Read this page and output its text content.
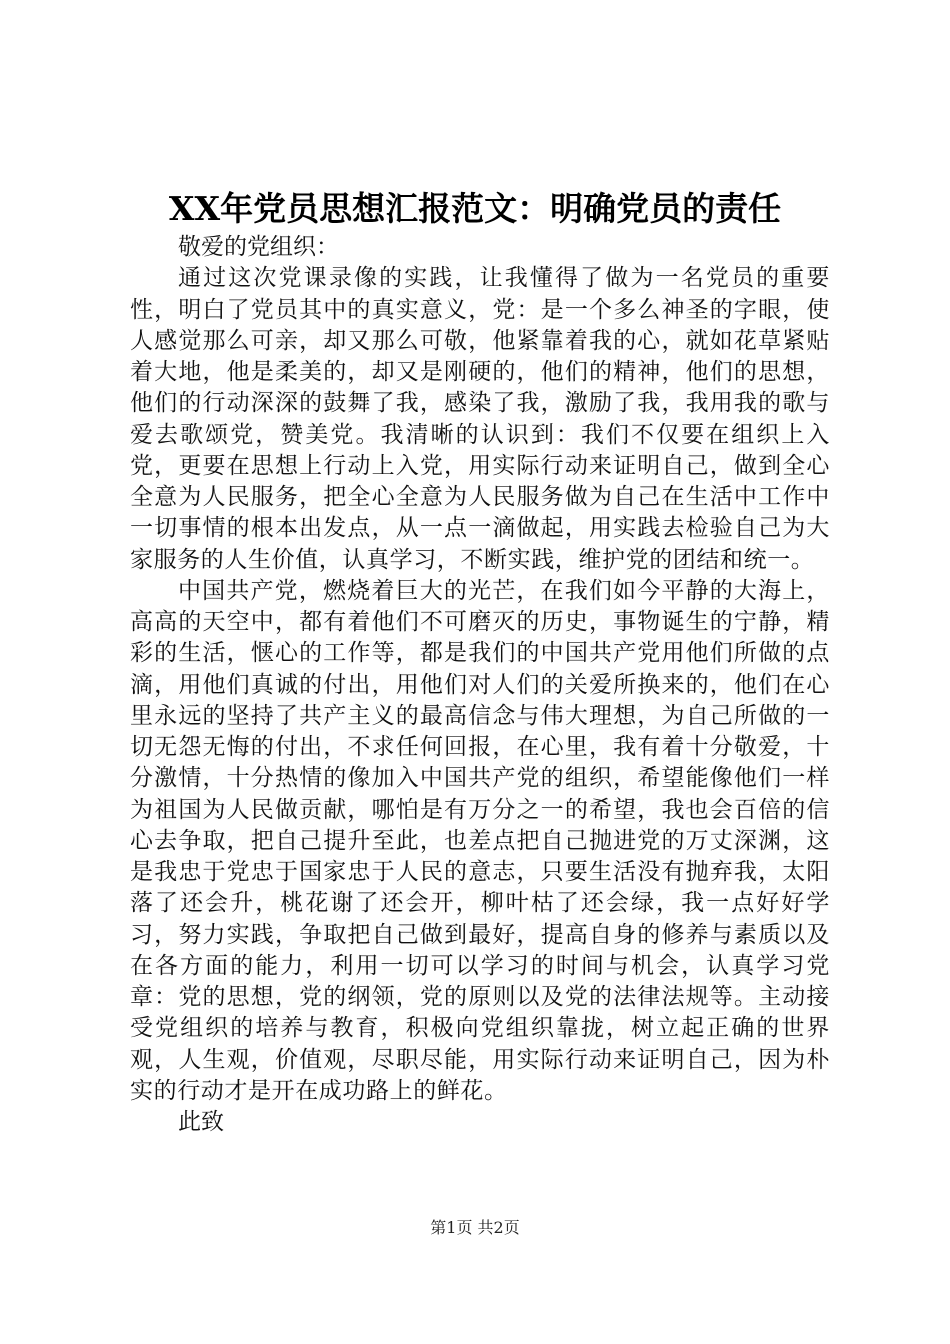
XX年党员思想汇报范文：明确党员的责任

敬爱的党组织：

通过这次党课录像的实践，让我懂得了做为一名党员的重要性，明白了党员其中的真实意义，党：是一个多么神圣的字眼，使人感觉那么可亲，却又那么可敬，他紧靠着我的心，就如花草紧贴着大地，他是柔美的，却又是刚硬的，他们的精神，他们的思想，他们的行动深深的鼓舞了我，感染了我，激励了我，我用我的歌与爱去歌颂党，赞美党。我清晰的认识到：我们不仅要在组织上入党，更要在思想上行动上入党，用实际行动来证明自己，做到全心全意为人民服务，把全心全意为人民服务做为自己在生活中工作中一切事情的根本出发点，从一点一滴做起，用实践去检验自己为大家服务的人生价值，认真学习，不断实践，维护党的团结和统一。

中国共产党，燃烧着巨大的光芒，在我们如今平静的大海上，高高的天空中，都有着他们不可磨灭的历史，事物诞生的宁静，精彩的生活，惬心的工作等，都是我们的中国共产党用他们所做的点滴，用他们真诚的付出，用他们对人们的关爱所换来的，他们在心里永远的坚持了共产主义的最高信念与伟大理想，为自己所做的一切无怨无悔的付出，不求任何回报，在心里，我有着十分敬爱，十分激情，十分热情的像加入中国共产党的组织，希望能像他们一样为祖国为人民做贡献，哪怕是有万分之一的希望，我也会百倍的信心去争取，把自己提升至此，也差点把自己抛进党的万丈深渊，这是我忠于党忠于国家忠于人民的意志，只要生活没有抛弃我，太阳落了还会升，桃花谢了还会开，柳叶枯了还会绿，我一点好好学习，努力实践，争取把自己做到最好，提高自身的修养与素质以及在各方面的能力，利用一切可以学习的时间与机会，认真学习党章：党的思想，党的纲领，党的原则以及党的法律法规等。主动接受党组织的培养与教育，积极向党组织靠拢，树立起正确的世界观，人生观，价值观，尽职尽能，用实际行动来证明自己，因为朴实的行动才是开在成功路上的鲜花。

此致

第1页 共2页
